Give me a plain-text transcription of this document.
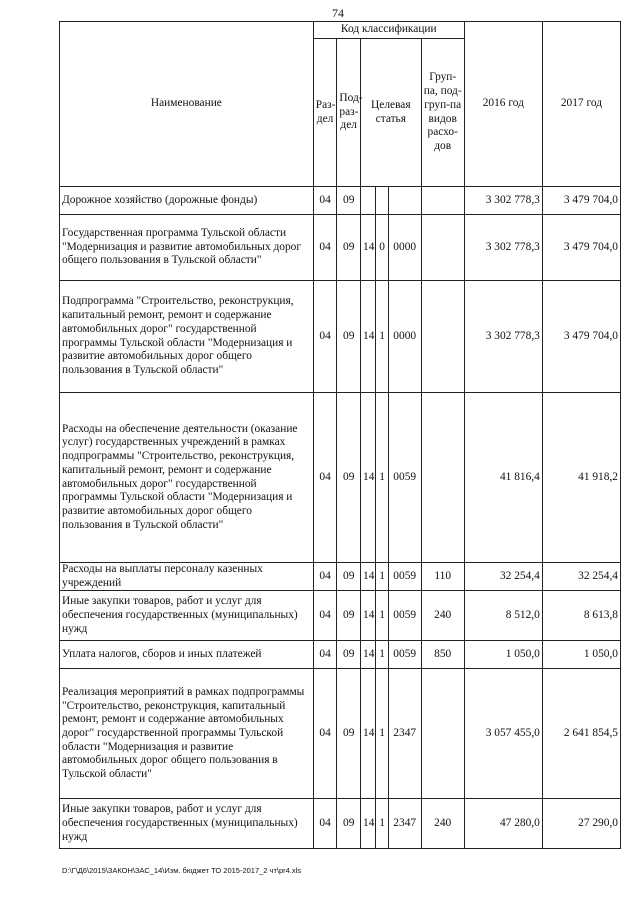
74
Наименование	Код классификации						2016 год	2017 год
	Раз-дел	Под-раз-дел	Целевая статья			Груп-па, под-груп-па видов расхо-дов		
Дорожное хозяйство (дорожные фонды)	04	09					3 302 778,3	3 479 704,0
Государственная программа Тульской области "Модернизация и развитие автомобильных дорог общего пользования в Тульской области"	04	09	14	0	0000		3 302 778,3	3 479 704,0
Подпрограмма "Строительство, реконструкция, капитальный ремонт, ремонт и содержание автомобильных дорог" государственной программы Тульской области "Модернизация и развитие автомобильных дорог общего пользования в Тульской области"	04	09	14	1	0000		3 302 778,3	3 479 704,0
Расходы на обеспечение деятельности (оказание услуг) государственных учреждений в рамках подпрограммы "Строительство, реконструкция, капитальный ремонт, ремонт и содержание автомобильных дорог" государственной программы Тульской области "Модернизация и развитие автомобильных дорог общего пользования в Тульской области"	04	09	14	1	0059		41 816,4	41 918,2
Расходы на выплаты персоналу казенных учреждений	04	09	14	1	0059	110	32 254,4	32 254,4
Иные закупки товаров, работ и услуг для обеспечения государственных (муниципальных) нужд	04	09	14	1	0059	240	8 512,0	8 613,8
Уплата налогов, сборов и иных платежей	04	09	14	1	0059	850	1 050,0	1 050,0
Реализация мероприятий в рамках подпрограммы "Строительство, реконструкция, капитальный ремонт, ремонт и содержание автомобильных дорог" государственной программы Тульской области "Модернизация и развитие автомобильных дорог общего пользования в Тульской области"	04	09	14	1	2347		3 057 455,0	2 641 854,5
Иные закупки товаров, работ и услуг для обеспечения государственных (муниципальных) нужд	04	09	14	1	2347	240	47 280,0	27 290,0
D:\Г\Д6\2015\ЗАКОН\ЗАС_14\Изм. бюджет ТО 2015-2017_2 чт\pr4.xls
